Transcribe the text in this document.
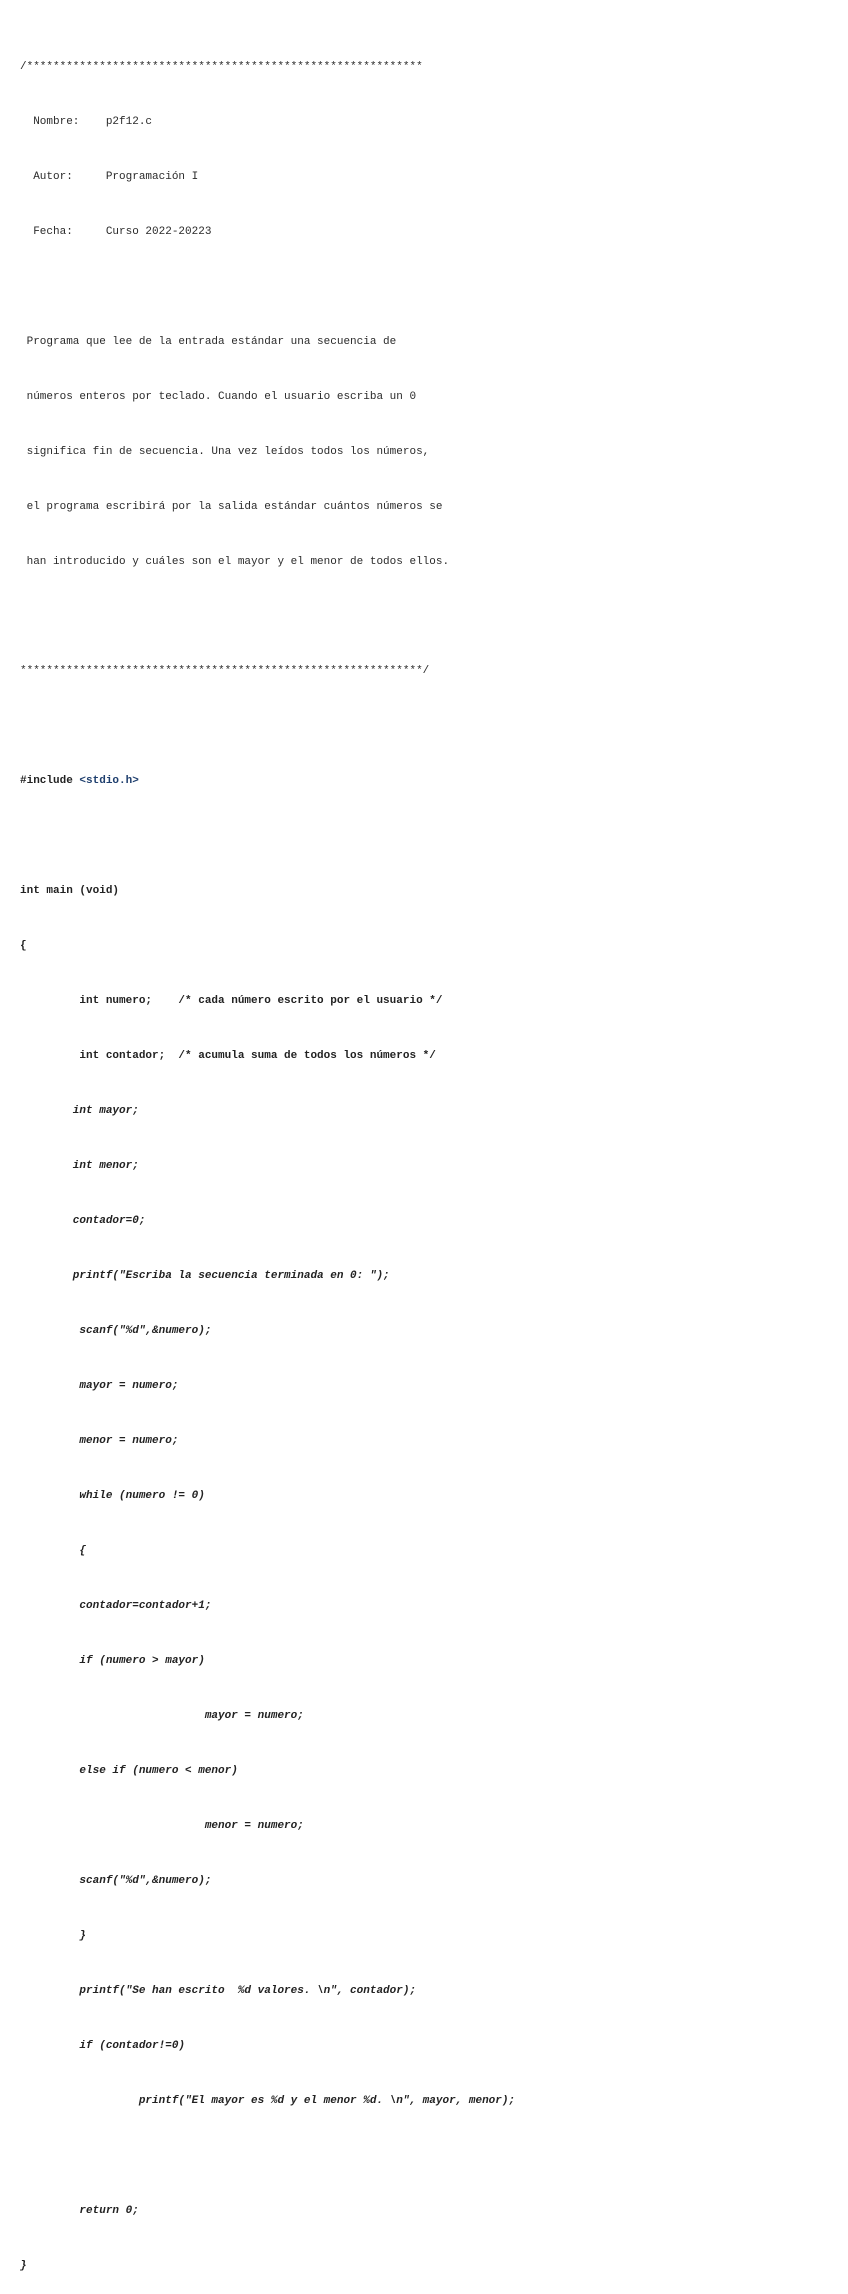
/************************************************************

Nombre:    p2f12.c

Autor:     Programación I

Fecha:     Curso 2022-20223

Programa que lee de la entrada estándar una secuencia de

números enteros por teclado. Cuando el usuario escriba un 0

significa fin de secuencia. Una vez leídos todos los números,

el programa escribirá por la salida estándar cuántos números se

han introducido y cuáles son el mayor y el menor de todos ellos.

*************************************************************/

#include <stdio.h>

int main (void)

{

int numero;    /* cada número escrito por el usuario */

int contador;  /* acumula suma de todos los números */

int mayor;

int menor;

contador=0;

printf("Escriba la secuencia terminada en 0: ");

scanf("%d",&numero);

mayor = numero;

menor = numero;

while (numero != 0)

{

contador=contador+1;

if (numero > mayor)

mayor = numero;

else if (numero < menor)

menor = numero;

scanf("%d",&numero);

}

printf("Se han escrito  %d valores. \n", contador);

if (contador!=0)

printf("El mayor es %d y el menor %d. \n", mayor, menor);

return 0;

}
